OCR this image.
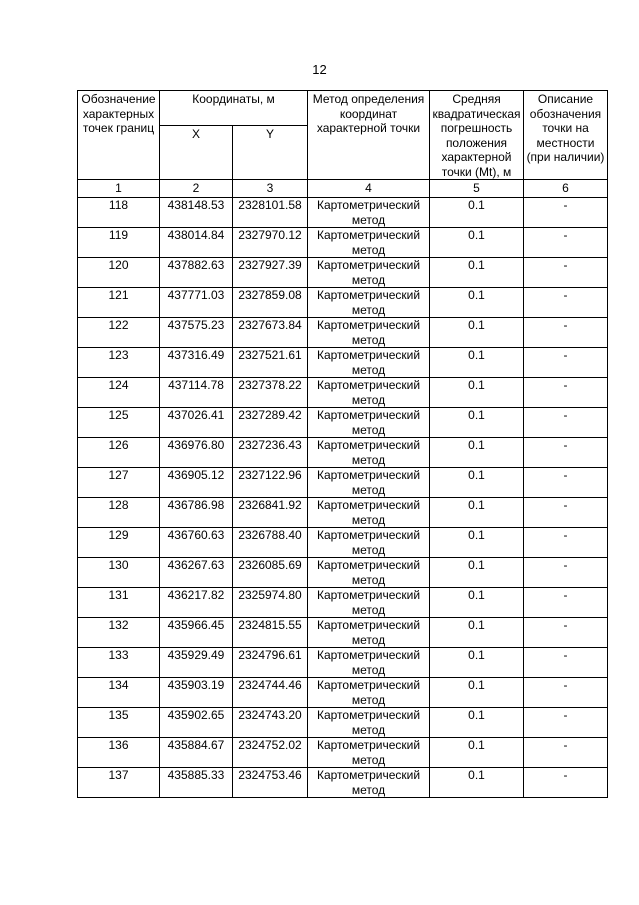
12
Обозначение характерных точек границ	Координаты, м		Метод определения координат характерной точки	Средняя квадратическая погрешность положения характерной точки (Mt), м	Описание обозначения точки на местности (при наличии)
	X	Y			
1	2	3	4	5	6
118	438148.53	2328101.58	Картометрический метод	0.1	-
119	438014.84	2327970.12	Картометрический метод	0.1	-
120	437882.63	2327927.39	Картометрический метод	0.1	-
121	437771.03	2327859.08	Картометрический метод	0.1	-
122	437575.23	2327673.84	Картометрический метод	0.1	-
123	437316.49	2327521.61	Картометрический метод	0.1	-
124	437114.78	2327378.22	Картометрический метод	0.1	-
125	437026.41	2327289.42	Картометрический метод	0.1	-
126	436976.80	2327236.43	Картометрический метод	0.1	-
127	436905.12	2327122.96	Картометрический метод	0.1	-
128	436786.98	2326841.92	Картометрический метод	0.1	-
129	436760.63	2326788.40	Картометрический метод	0.1	-
130	436267.63	2326085.69	Картометрический метод	0.1	-
131	436217.82	2325974.80	Картометрический метод	0.1	-
132	435966.45	2324815.55	Картометрический метод	0.1	-
133	435929.49	2324796.61	Картометрический метод	0.1	-
134	435903.19	2324744.46	Картометрический метод	0.1	-
135	435902.65	2324743.20	Картометрический метод	0.1	-
136	435884.67	2324752.02	Картометрический метод	0.1	-
137	435885.33	2324753.46	Картометрический метод	0.1	-
